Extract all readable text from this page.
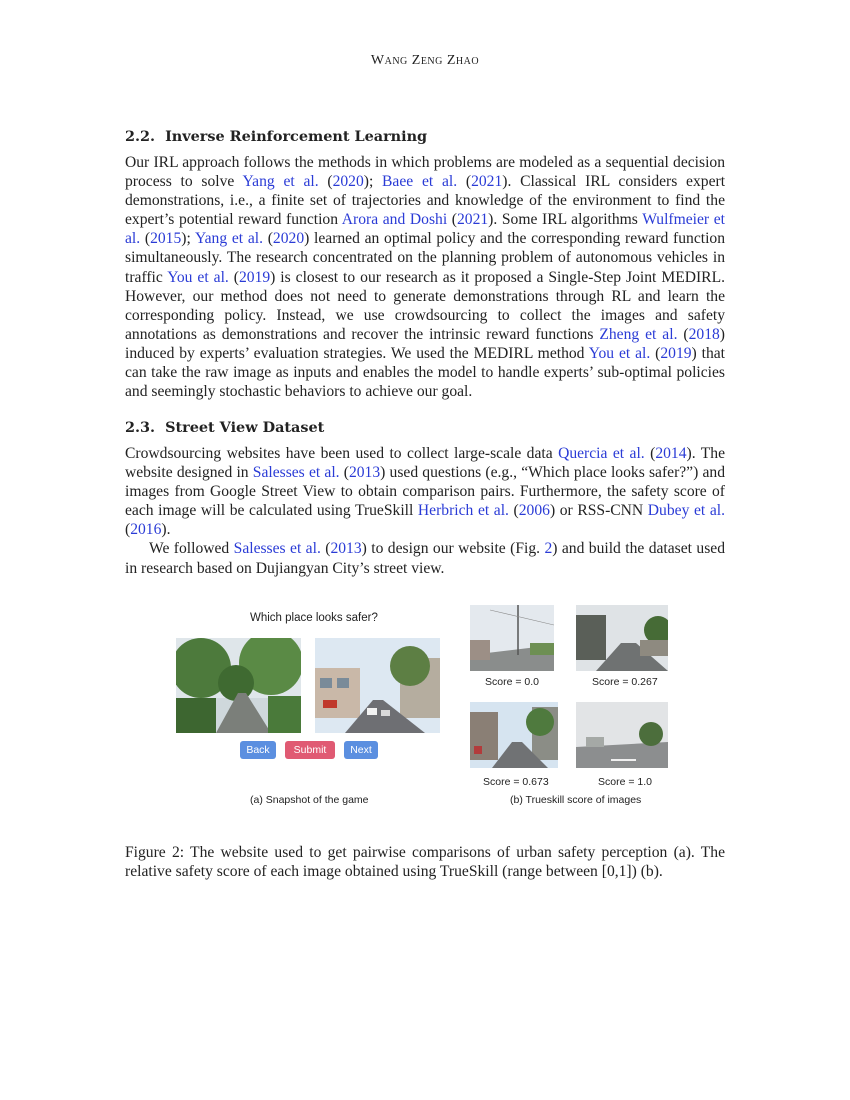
Wang Zeng Zhao
2.2. Inverse Reinforcement Learning

Our IRL approach follows the methods in which problems are modeled as a sequential decision process to solve Yang et al. (2020); Baee et al. (2021). Classical IRL considers expert demonstrations, i.e., a finite set of trajectories and knowledge of the environment to find the expert’s potential reward function Arora and Doshi (2021). Some IRL algorithms Wulfmeier et al. (2015); Yang et al. (2020) learned an optimal policy and the corresponding reward function simultaneously. The research concentrated on the planning problem of autonomous vehicles in traffic You et al. (2019) is closest to our research as it proposed a Single-Step Joint MEDIRL. However, our method does not need to generate demonstrations through RL and learn the corresponding policy. Instead, we use crowdsourcing to collect the images and safety annotations as demonstrations and recover the intrinsic reward functions Zheng et al. (2018) induced by experts’ evaluation strategies. We used the MEDIRL method You et al. (2019) that can take the raw image as inputs and enables the model to handle experts’ sub-optimal policies and seemingly stochastic behaviors to achieve our goal.

2.3. Street View Dataset

Crowdsourcing websites have been used to collect large-scale data Quercia et al. (2014). The website designed in Salesses et al. (2013) used questions (e.g., “Which place looks safer?”) and images from Google Street View to obtain comparison pairs. Furthermore, the safety score of each image will be calculated using TrueSkill Herbrich et al. (2006) or RSS-CNN Dubey et al. (2016).

We followed Salesses et al. (2013) to design our website (Fig. 2) and build the dataset used in research based on Dujiangyan City’s street view.

Which place looks safer?
Back	Submit	Next
(a) Snapshot of the game
Score = 0.0	Score = 0.267
Score = 0.673	Score = 1.0
(b) Trueskill score of images
Figure 2: The website used to get pairwise comparisons of urban safety perception (a). The relative safety score of each image obtained using TrueSkill (range between [0,1]) (b).
